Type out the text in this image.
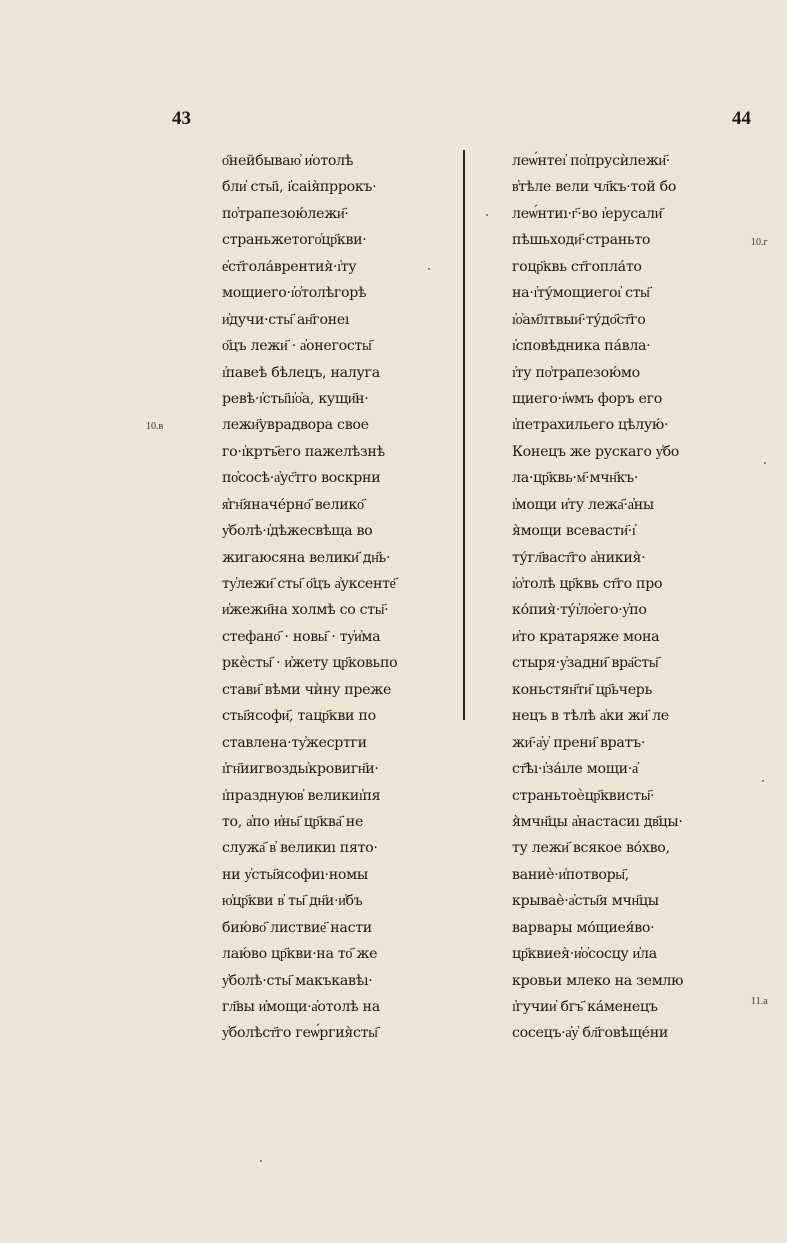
43	44
о҃нейбываю҆ и҆отолѣ
бли҆ сты҃ı, і҆саія̀пррокъ·
по҆трапезою́лежи҃·
страньжетого҆цр҃кви·
е҆ст҃гола́врентия̀·ı҆ту
мощиего·ı҆о҆толѣгорѣ
и҆дучи·сты҃ ан҃гонеı
о҃цъ лежи҃ · а҆онегосты҃
ı҆павеѣ бѣлецъ, налуга
ревѣ·ı҆сты҃ıı҆о҆а, кущи҃н·
лежи҃уврадвора свое
го·ı҆кртъ҃его пажелѣзнѣ
по҆сосѣ·а҆ус҃тго воскрни
я҆гн҃яначе́рно҃ велико҃
у҆болѣ·ı҆дѣжесвѣща во
жигаюсяна велики҃ дн҃ь·
ту҆лежи҃ сты҃ о҃цъ а҆уксенте҃
и҆жежи҃на холмѣ со сты҃·
стефано҃ · новы҃ · ту҆и҆ма
ркѐсты҃ · и҆жету цр҃ковьпо
стави҃ вѣми чѝну преже
сты҃ясофи҃, тацр҃кви по
ставлена·ту҆жесртги
ı҆гн҃иигвоздьı҆кровигн҃и·
ı҆празднуюв҆ великиı҆пя
то, а҆по и҆ны҃ цр҃ква҃ не
служа҃ в҆ великиı пято·
ни у҆сты҃ясофиı·номы
ю҆цр҃кви в҆ ты҃ дн҃и·и҆бъ
бию́во҃ листвие҃ насти
лаю́во цр҃кви·на то҃ же
у҆болѣ·сты҃ макъкавѣı·
гл҃вы и҆мощи·а҆отолѣ на
у҆болѣст҃го геѡ́ргия̀сты҃
леѡ́нтеı҆ по҆прусѝлежи҃·
в҆тѣле вели чл҃къ·той бо
леѡ́нтиı·г҃·во ı҆ерусали҃
пѣшьходи҃·страньто
гоцр҃квь ст҃гопла́то
на·ı҆ту́мощиегоı҆ сты҃
ı҆о҆ам҃лтвыи҃·ту́до҃ст҃го
ı҆сповѣдника па́вла·
ı҆ту по҆трапезою́мо
щиего·ı҆ѡмъ форъ его
ı҆петрахильего цѣлую́·
Конецъ же рускаго у҆бо
ла·цр҃квь·м҃·мчн҃къ·
ı҆мощи и҆ту лежа҃·а҆ны
я̀мощи всевасти҃·ı҆
ту́гл҃васт҃го а҆никия̀·
ı҆о҆толѣ цр҃квь ст҃го про
ко́пия̀·ту́ı҆ло҆его·у҆по
и҆то кратаряже мона
стыря·у҆задни҃ вра҃сты҃
коньстян҃ти҃ цр҃ьчерь
нецъ в тѣлѣ а҆ки жи҃ ле
жи҃·а҆у҆ прени҃ вратъ·
ст҃ѣı·ı҆за́ıле мощи·а҆
страньтоѐцр҃квисты҃·
я̀мчн҃цы а҆настасиı дв҃цы·
ту лежи҃ всякое во́хво,
ваниѐ·и҆потворы҃,
крываѐ·а҆сты҃я мчн҃цы
варвары мо́щиея́во·
цр҃квиея̀·и҆о҆сосцу и҆ла
кровьи млеко на землю
ı҆гучии҆ бгъ҃ ка́менецъ
сосецъ·а҆у҆ бл҃говѣще́ни
10.в
10.г
11.а
